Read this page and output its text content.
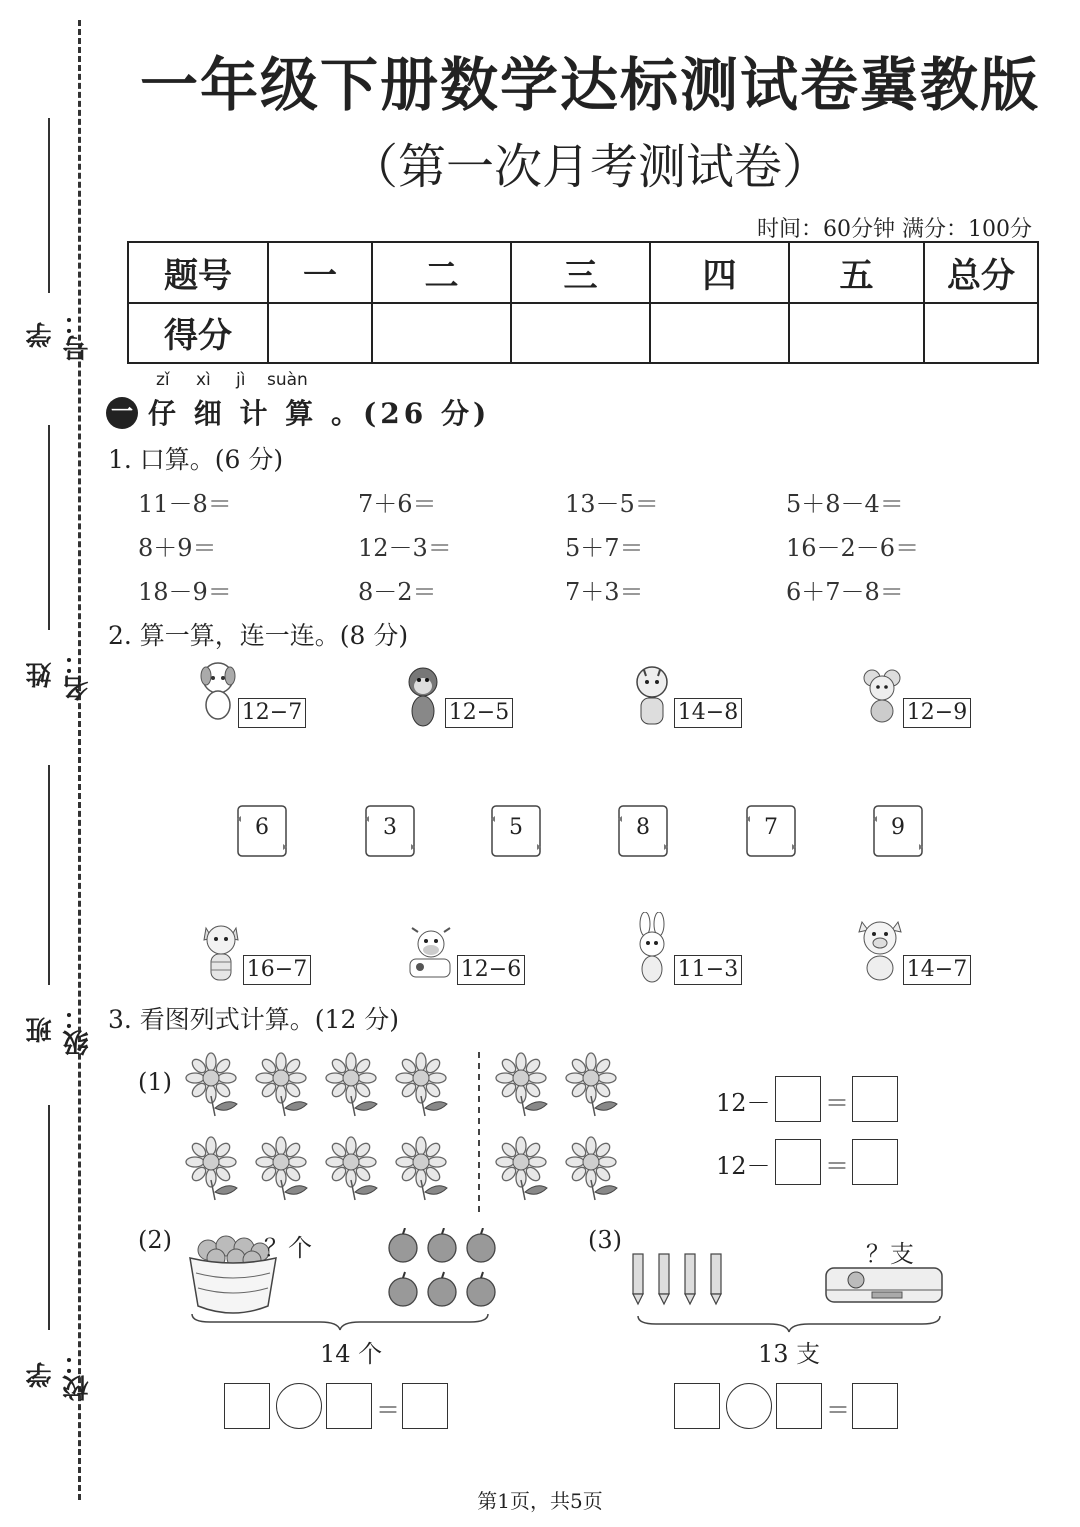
学号：
姓名：
班级：
学校：
一年级下册数学达标测试卷冀教版
（第一次月考测试卷）
时间：60分钟 满分：100分
题号	一	二	三	四	五	总分
得分						
zǐ xì jì suàn
一 仔 细 计 算 。(26 分)
1. 口算。(6 分)
11－8＝	7＋6＝	13－5＝	5＋8－4＝
8＋9＝	12－3＝	5＋7＝	16－2－6＝
18－9＝	8－2＝	7＋3＝	6＋7－8＝
2. 算一算，连一连。(8 分)
12−7	12−5	14−8	12−9
6	3	5	8	7	9
16−7	12−6	11−3	14−7
3. 看图列式计算。(12 分)
(1)
12－ ＝
12－ ＝
(2)	？个
14 个
＝
(3)	？支
13 支
＝
第1页，共5页
